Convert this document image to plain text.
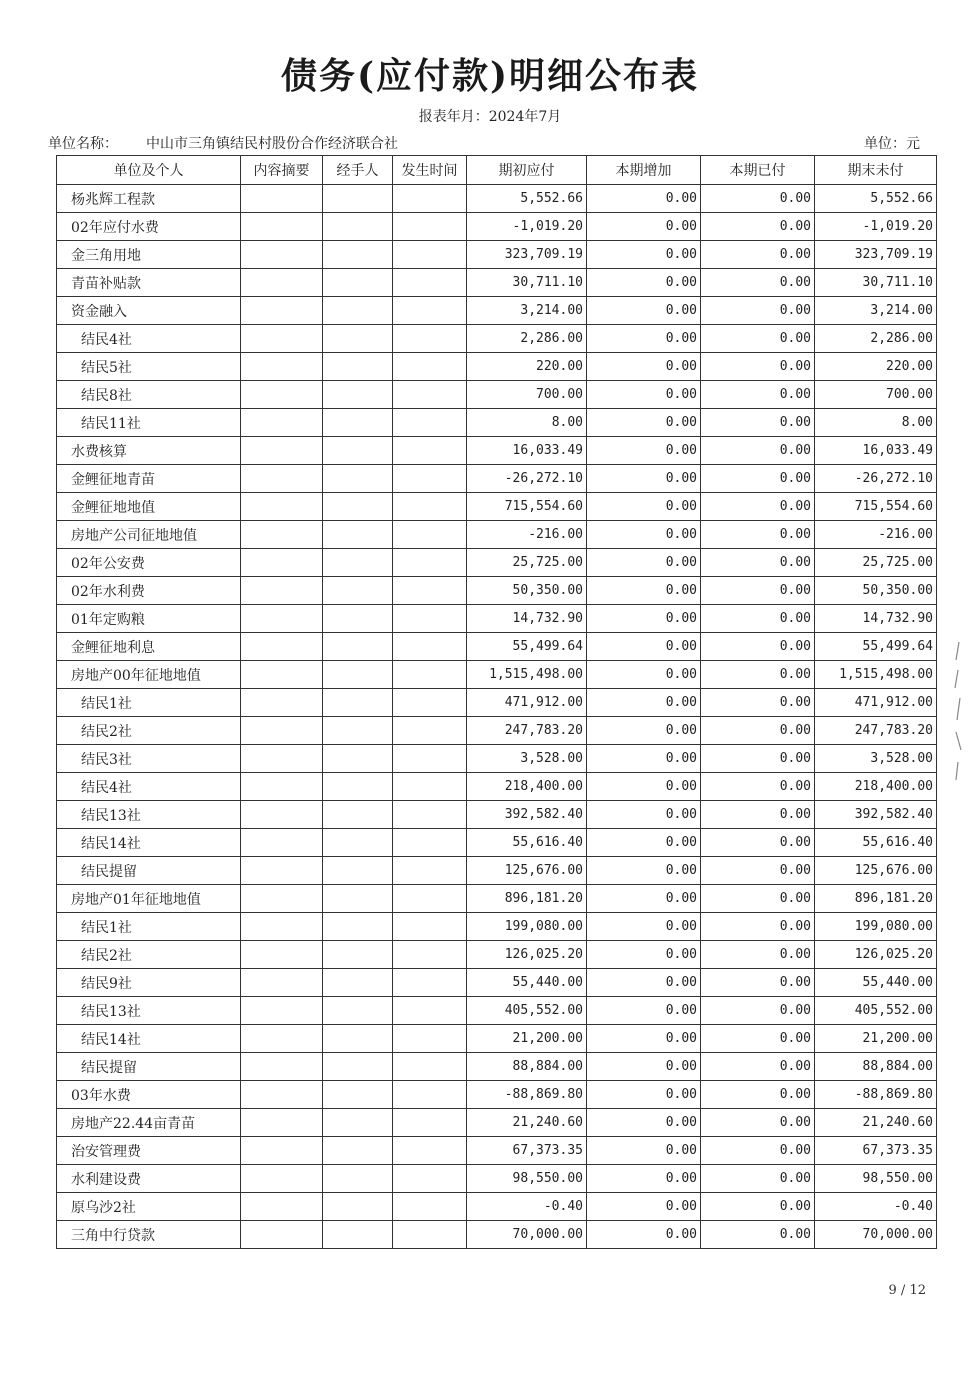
债务(应付款)明细公布表
报表年月：2024年7月
单位名称： 中山市三角镇结民村股份合作经济联合社	单位：元
单位及个人	内容摘要	经手人	发生时间	期初应付	本期增加	本期已付	期末未付
杨兆辉工程款				5,552.66	0.00	0.00	5,552.66
02年应付水费				-1,019.20	0.00	0.00	-1,019.20
金三角用地				323,709.19	0.00	0.00	323,709.19
青苗补贴款				30,711.10	0.00	0.00	30,711.10
资金融入				3,214.00	0.00	0.00	3,214.00
结民4社				2,286.00	0.00	0.00	2,286.00
结民5社				220.00	0.00	0.00	220.00
结民8社				700.00	0.00	0.00	700.00
结民11社				8.00	0.00	0.00	8.00
水费核算				16,033.49	0.00	0.00	16,033.49
金鲤征地青苗				-26,272.10	0.00	0.00	-26,272.10
金鲤征地地值				715,554.60	0.00	0.00	715,554.60
房地产公司征地地值				-216.00	0.00	0.00	-216.00
02年公安费				25,725.00	0.00	0.00	25,725.00
02年水利费				50,350.00	0.00	0.00	50,350.00
01年定购粮				14,732.90	0.00	0.00	14,732.90
金鲤征地利息				55,499.64	0.00	0.00	55,499.64
房地产00年征地地值				1,515,498.00	0.00	0.00	1,515,498.00
结民1社				471,912.00	0.00	0.00	471,912.00
结民2社				247,783.20	0.00	0.00	247,783.20
结民3社				3,528.00	0.00	0.00	3,528.00
结民4社				218,400.00	0.00	0.00	218,400.00
结民13社				392,582.40	0.00	0.00	392,582.40
结民14社				55,616.40	0.00	0.00	55,616.40
结民提留				125,676.00	0.00	0.00	125,676.00
房地产01年征地地值				896,181.20	0.00	0.00	896,181.20
结民1社				199,080.00	0.00	0.00	199,080.00
结民2社				126,025.20	0.00	0.00	126,025.20
结民9社				55,440.00	0.00	0.00	55,440.00
结民13社				405,552.00	0.00	0.00	405,552.00
结民14社				21,200.00	0.00	0.00	21,200.00
结民提留				88,884.00	0.00	0.00	88,884.00
03年水费				-88,869.80	0.00	0.00	-88,869.80
房地产22.44亩青苗				21,240.60	0.00	0.00	21,240.60
治安管理费				67,373.35	0.00	0.00	67,373.35
水利建设费				98,550.00	0.00	0.00	98,550.00
原乌沙2社				-0.40	0.00	0.00	-0.40
三角中行贷款				70,000.00	0.00	0.00	70,000.00
9 / 12
